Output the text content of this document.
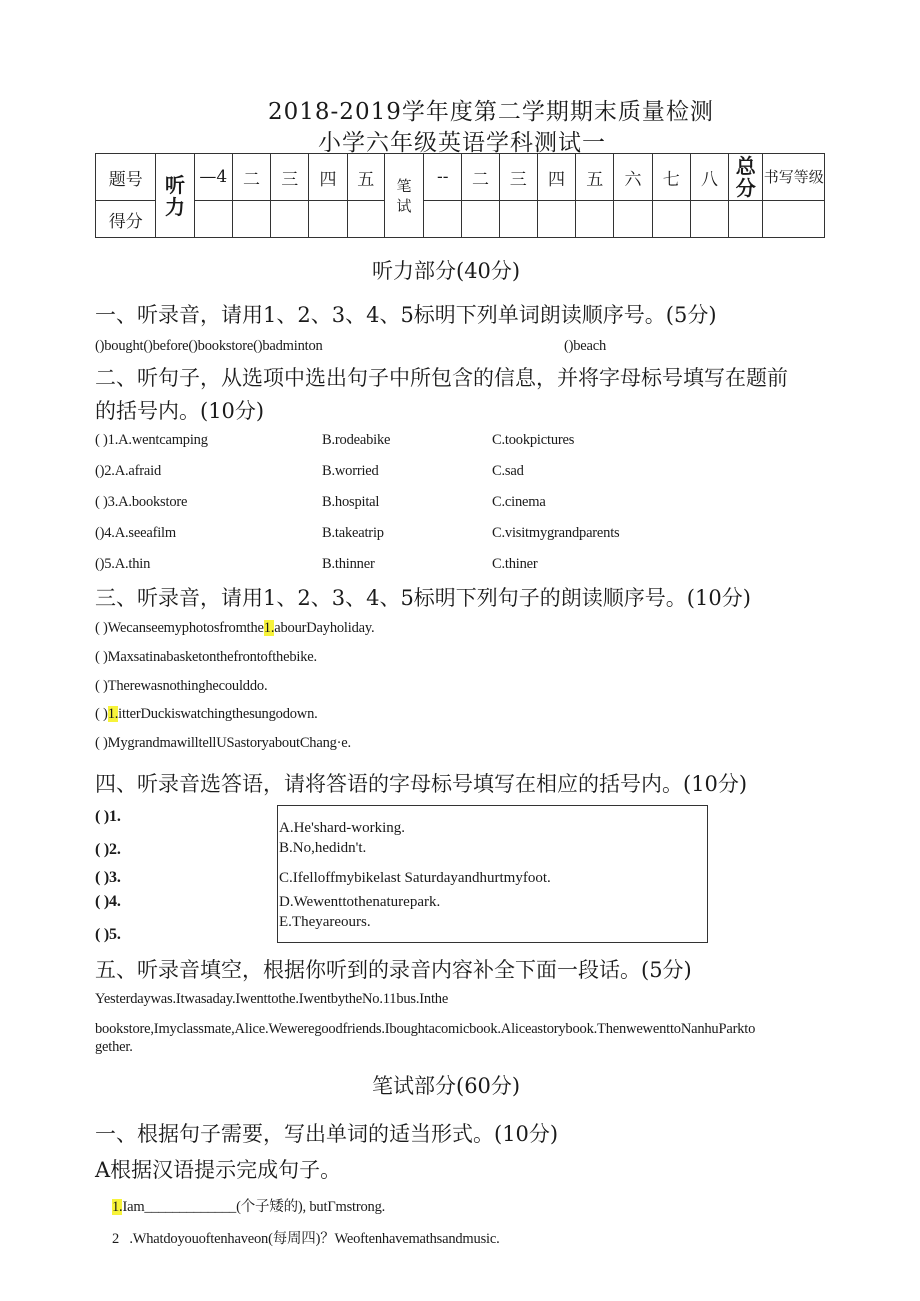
2018-2019学年度第二学期期末质量检测
小学六年级英语学科测试一
题号	听力	—4	二	三	四	五	笔试	--	二	三	四	五	六	七	八	总分	书写等级
得分																	
听力部分(40分)
一、听录音，请用1、2、3、4、5标明下列单词朗读顺序号。(5分)
()bought()before()bookstore()badminton	()beach
二、听句子，从选项中选出句子中所包含的信息，并将字母标号填写在题前
的括号内。(10分)
( )1.A.wentcamping	B.rodeabike	C.tookpictures
()2.A.afraid	B.worried	C.sad
( )3.A.bookstore	B.hospital	C.cinema
()4.A.seeafilm	B.takeatrip	C.visitmygrandparents
()5.A.thin	B.thinner	C.thiner
三、听录音，请用1、2、3、4、5标明下列句子的朗读顺序号。(10分)
( )Wecanseemyphotosfromthe1.abourDayholiday.
( )Maxsatinabasketonthefrontofthebike.
( )Therewasnothinghecoulddo.
( )1.itterDuckiswatchingthesungodown.
( )MygrandmawilltellUSastoryaboutChang·e.
四、听录音选答语，请将答语的字母标号填写在相应的括号内。(10分)
( )1.
( )2.
( )3.
( )4.
( )5.
A.He'shard-working.
B.No,hedidn't.
C.Ifelloffmybikelast Saturdayandhurtmyfoot.
D.Wewenttothenaturepark.
E.Theyareours.
五、听录音填空，根据你听到的录音内容补全下面一段话。(5分)
Yesterdaywas.Itwasaday.Iwenttothe.IwentbytheNo.11bus.Inthe
bookstore,Imyclassmate,Alice.Weweregoodfriends.Iboughtacomicbook.Aliceastorybook.ThenwewenttoNanhuParkto
gether.
笔试部分(60分)
一、根据句子需要，写出单词的适当形式。(10分)
A根据汉语提示完成句子。
1.Iam_____________(个子矮的), butΓmstrong.
2 .Whatdoyouoftenhaveon(每周四)？Weoftenhavemathsandmusic.
